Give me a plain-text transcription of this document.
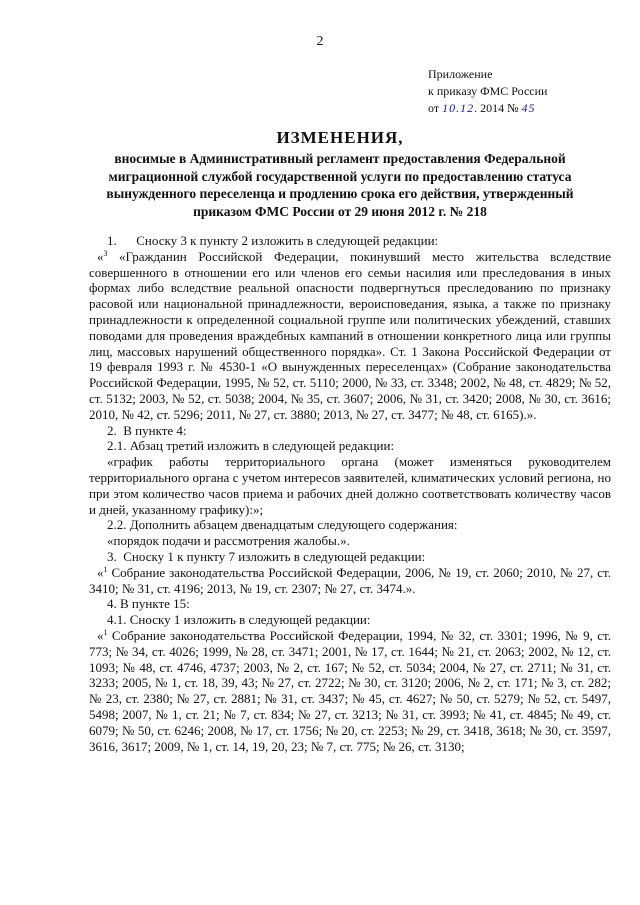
2
Приложение
к приказу ФМС России
от 10.12. 2014 № 45
ИЗМЕНЕНИЯ,
вносимые в Административный регламент предоставления Федеральной
миграционной службой государственной услуги по предоставлению статуса
вынужденного переселенца и продлению срока его действия, утвержденный
приказом ФМС России от 29 июня 2012 г. № 218

1.      Сноску 3 к пункту 2 изложить в следующей редакции:

«$^3$ «Гражданин Российской Федерации, покинувший место жительства вследствие совершенного в отношении его или членов его семьи насилия или преследования в иных формах либо вследствие реальной опасности подвергнуться преследованию по признаку расовой или национальной принадлежности, вероисповедания, языка, а также по признаку принадлежности к определенной социальной группе или политических убеждений, ставших поводами для проведения враждебных кампаний в отношении конкретного лица или группы лиц, массовых нарушений общественного порядка». Ст. 1 Закона Российской Федерации от 19 февраля 1993 г. № 4530-1 «О вынужденных переселенцах» (Собрание законодательства Российской Федерации, 1995, № 52, ст. 5110; 2000, № 33, ст. 3348; 2002, № 48, ст. 4829; № 52, ст. 5132; 2003, № 52, ст. 5038; 2004, № 35, ст. 3607; 2006, № 31, ст. 3420; 2008, № 30, ст. 3616; 2010, № 42, ст. 5296; 2011, № 27, ст. 3880; 2013, № 27, ст. 3477; № 48, ст. 6165).».

2.  В пункте 4:

2.1. Абзац третий изложить в следующей редакции:

«график работы территориального органа (может изменяться руководителем территориального органа с учетом интересов заявителей, климатических условий региона, но при этом количество часов приема и рабочих дней должно соответствовать количеству часов и дней, указанному графику):»;

2.2. Дополнить абзацем двенадцатым следующего содержания:

«порядок подачи и рассмотрения жалобы.».

3.  Сноску 1 к пункту 7 изложить в следующей редакции:

«$^1$ Собрание законодательства Российской Федерации, 2006, № 19, ст. 2060; 2010, № 27, ст. 3410; № 31, ст. 4196; 2013, № 19, ст. 2307; № 27, ст. 3474.».

4. В пункте 15:

4.1. Сноску 1 изложить в следующей редакции:

«$^1$ Собрание законодательства Российской Федерации, 1994, № 32, ст. 3301; 1996, № 9, ст. 773; № 34, ст. 4026; 1999, № 28, ст. 3471; 2001, № 17, ст. 1644; № 21, ст. 2063; 2002, № 12, ст. 1093; № 48, ст. 4746, 4737; 2003, № 2, ст. 167; № 52, ст. 5034; 2004, № 27, ст. 2711; № 31, ст. 3233; 2005, № 1, ст. 18, 39, 43; № 27, ст. 2722; № 30, ст. 3120; 2006, № 2, ст. 171; № 3, ст. 282; № 23, ст. 2380; № 27, ст. 2881; № 31, ст. 3437; № 45, ст. 4627; № 50, ст. 5279; № 52, ст. 5497, 5498; 2007, № 1, ст. 21; № 7, ст. 834; № 27, ст. 3213; № 31, ст. 3993; № 41, ст. 4845; № 49, ст. 6079; № 50, ст. 6246; 2008, № 17, ст. 1756; № 20, ст. 2253; № 29, ст. 3418, 3618; № 30, ст. 3597, 3616, 3617; 2009, № 1, ст. 14, 19, 20, 23; № 7, ст. 775; № 26, ст. 3130;
